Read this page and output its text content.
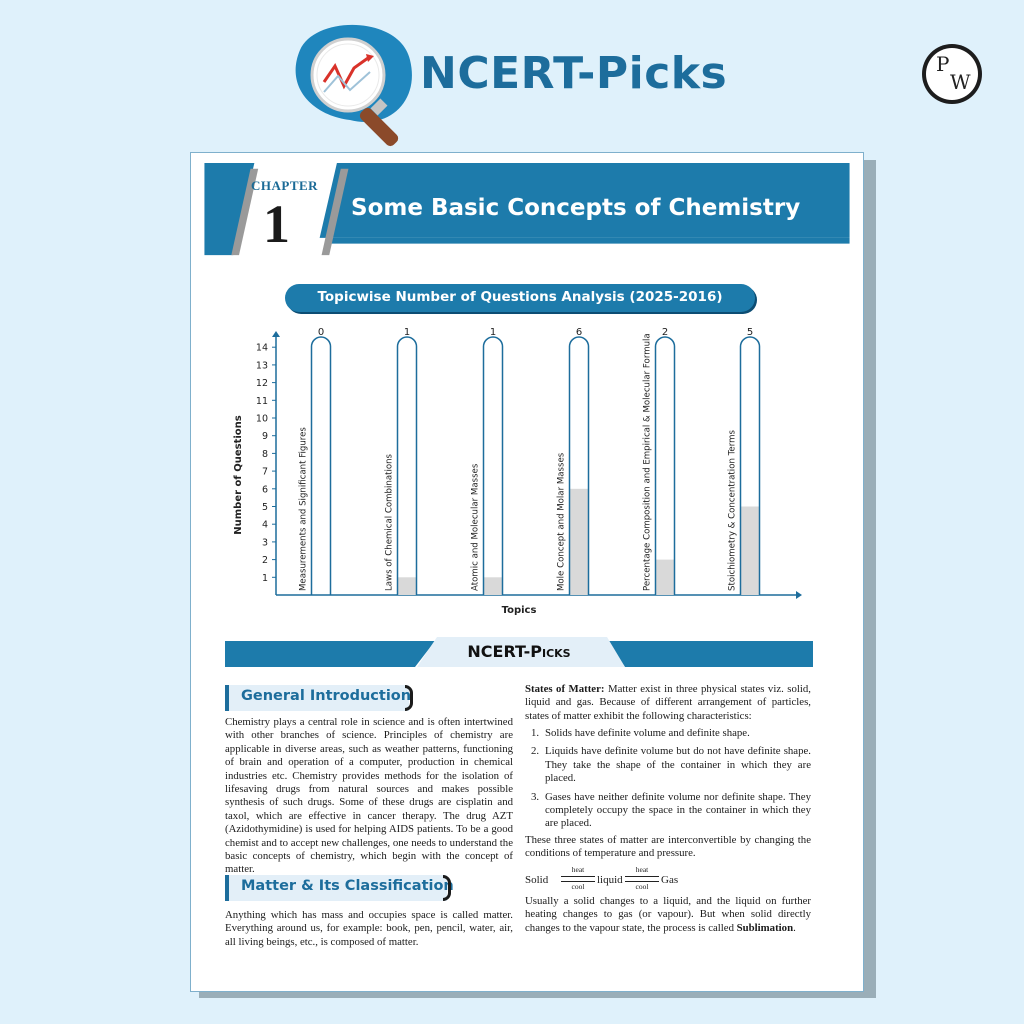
NCERT-Picks	P
W
CHAPTER
1	Some Basic Concepts of Chemistry
Topicwise Number of Questions Analysis (2025-2016)
1
2
3
4
5
6
7
8
9
10
11
12
13
14
Number of Questions
Topics
0
Measurements and Significant Figures
1
Laws of Chemical Combinations
1
Atomic and Molecular Masses
6
Mole Concept and Molar Masses
2
Percentage Composition and Empirical & Molecular Formula
5
Stoichiometry & Concentration Terms
NCERT-Picks
General Introduction
Chemistry plays a central role in science and is often intertwined with other branches of science. Principles of chemistry are applicable in diverse areas, such as weather patterns, functioning of brain and operation of a computer, production in chemical industries etc. Chemistry provides methods for the isolation of lifesaving drugs from natural sources and makes possible synthesis of such drugs. Some of these drugs are cisplatin and taxol, which are effective in cancer therapy. The drug AZT (Azidothymidine) is used for helping AIDS patients. To be a good chemist and to accept new challenges, one needs to understand the basic concepts of chemistry, which begin with the concept of matter.
Matter & Its Classification
Anything which has mass and occupies space is called matter. Everything around us, for example: book, pen, pencil, water, air, all living beings, etc., is composed of matter.
States of Matter: Matter exist in three physical states viz. solid, liquid and gas. Because of different arrangement of particles, states of matter exhibit the following characteristics:
1. Solids have definite volume and definite shape.
2. Liquids have definite volume but do not have definite shape. They take the shape of the container in which they are placed.
3. Gases have neither definite volume nor definite shape. They completely occupy the space in the container in which they are placed.
These three states of matter are interconvertible by changing the conditions of temperature and pressure.
Solid
heat
cool
liquid
heat
cool
Gas
Usually a solid changes to a liquid, and the liquid on further heating changes to gas (or vapour). But when solid directly changes to the vapour state, the process is called Sublimation.
